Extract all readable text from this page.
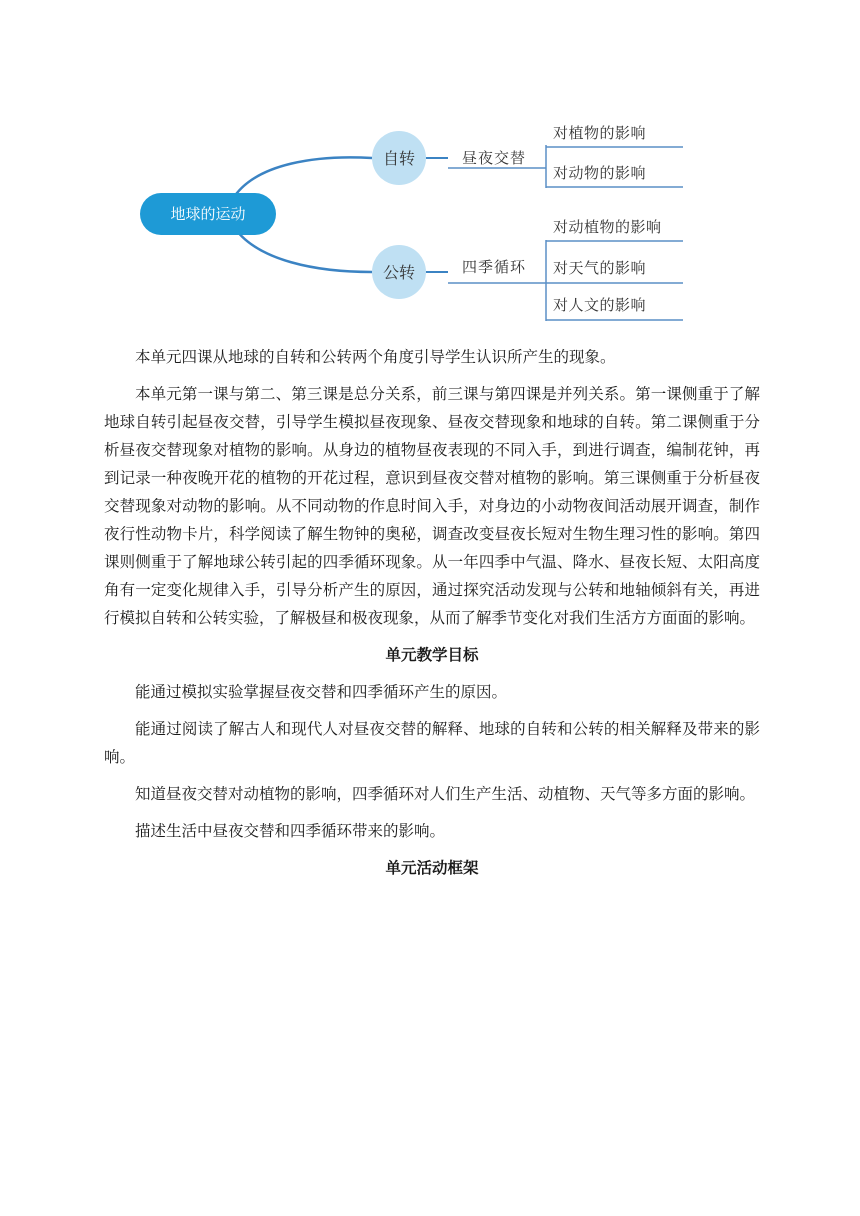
地球的运动
自转	昼夜交替
对植物的影响
对动物的影响
公转	四季循环
对动植物的影响
对天气的影响
对人文的影响

本单元四课从地球的自转和公转两个角度引导学生认识所产生的现象。

本单元第一课与第二、第三课是总分关系，前三课与第四课是并列关系。第一课侧重于了解地球自转引起昼夜交替，引导学生模拟昼夜现象、昼夜交替现象和地球的自转。第二课侧重于分析昼夜交替现象对植物的影响。从身边的植物昼夜表现的不同入手，到进行调查，编制花钟，再到记录一种夜晚开花的植物的开花过程，意识到昼夜交替对植物的影响。第三课侧重于分析昼夜交替现象对动物的影响。从不同动物的作息时间入手，对身边的小动物夜间活动展开调查，制作夜行性动物卡片，科学阅读了解生物钟的奥秘，调查改变昼夜长短对生物生理习性的影响。第四课则侧重于了解地球公转引起的四季循环现象。从一年四季中气温、降水、昼夜长短、太阳高度角有一定变化规律入手，引导分析产生的原因，通过探究活动发现与公转和地轴倾斜有关，再进行模拟自转和公转实验，了解极昼和极夜现象，从而了解季节变化对我们生活方方面面的影响。

单元教学目标

能通过模拟实验掌握昼夜交替和四季循环产生的原因。

能通过阅读了解古人和现代人对昼夜交替的解释、地球的自转和公转的相关解释及带来的影响。

知道昼夜交替对动植物的影响，四季循环对人们生产生活、动植物、天气等多方面的影响。

描述生活中昼夜交替和四季循环带来的影响。

单元活动框架
